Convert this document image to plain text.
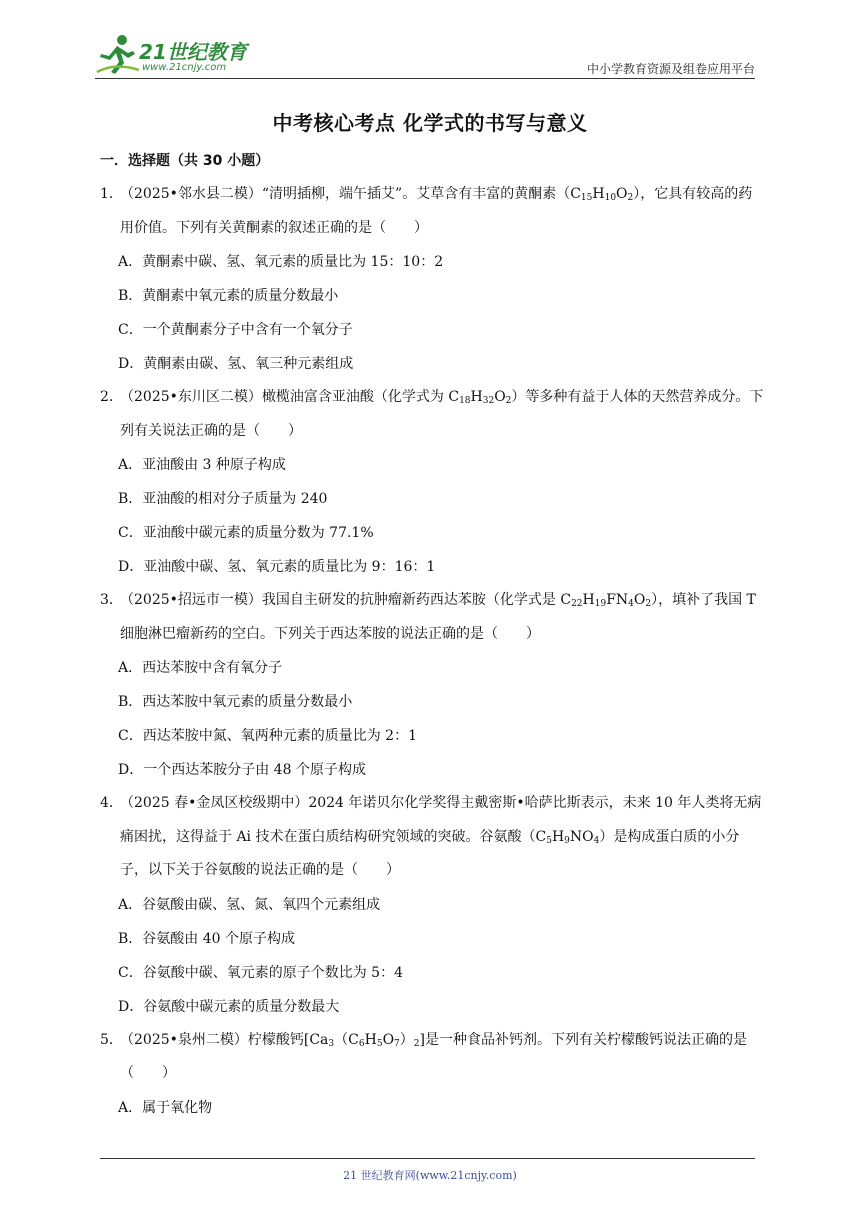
21世纪教育
www.21cnjy.com	中小学教育资源及组卷应用平台
中考核心考点 化学式的书写与意义
一．选择题（共 30 小题）
1．（2025•邻水县二模）“清明插柳，端午插艾”。艾草含有丰富的黄酮素$(C_{15}H_{10}O_2)$，它具有较高的药用价值。下列有关黄酮素的叙述正确的是（　　）
A．黄酮素中碳、氢、氧元素的质量比为 15：10：2
B．黄酮素中氧元素的质量分数最小
C．一个黄酮素分子中含有一个氧分子
D．黄酮素由碳、氢、氧三种元素组成
2．（2025•东川区二模）橄榄油富含亚油酸（化学式为 $C_{18}H_{32}O_2$）等多种有益于人体的天然营养成分。下列有关说法正确的是（　　）
A．亚油酸由 3 种原子构成
B．亚油酸的相对分子质量为 240
C．亚油酸中碳元素的质量分数为 77.1%
D．亚油酸中碳、氢、氧元素的质量比为 9：16：1
3．（2025•招远市一模）我国自主研发的抗肿瘤新药西达苯胺（化学式是 $C_{22}H_{19}FN_4O_2$），填补了我国 T 细胞淋巴瘤新药的空白。下列关于西达苯胺的说法正确的是（　　）
A．西达苯胺中含有氧分子
B．西达苯胺中氧元素的质量分数最小
C．西达苯胺中氮、氧两种元素的质量比为 2：1
D．一个西达苯胺分子由 48 个原子构成
4．（2025 春•金凤区校级期中）2024 年诺贝尔化学奖得主戴密斯•哈萨比斯表示，未来 10 年人类将无病痛困扰，这得益于 Ai 技术在蛋白质结构研究领域的突破。谷氨酸$(C_5H_9NO_4)$是构成蛋白质的小分子，以下关于谷氨酸的说法正确的是（　　）
A．谷氨酸由碳、氢、氮、氧四个元素组成
B．谷氨酸由 40 个原子构成
C．谷氨酸中碳、氧元素的原子个数比为 5：4
D．谷氨酸中碳元素的质量分数最大
5．（2025•泉州二模）柠檬酸钙$[Ca_3(C_6H_5O_7)_2]$是一种食品补钙剂。下列有关柠檬酸钙说法正确的是（　　）
A．属于氧化物
21 世纪教育网(www.21cnjy.com)
